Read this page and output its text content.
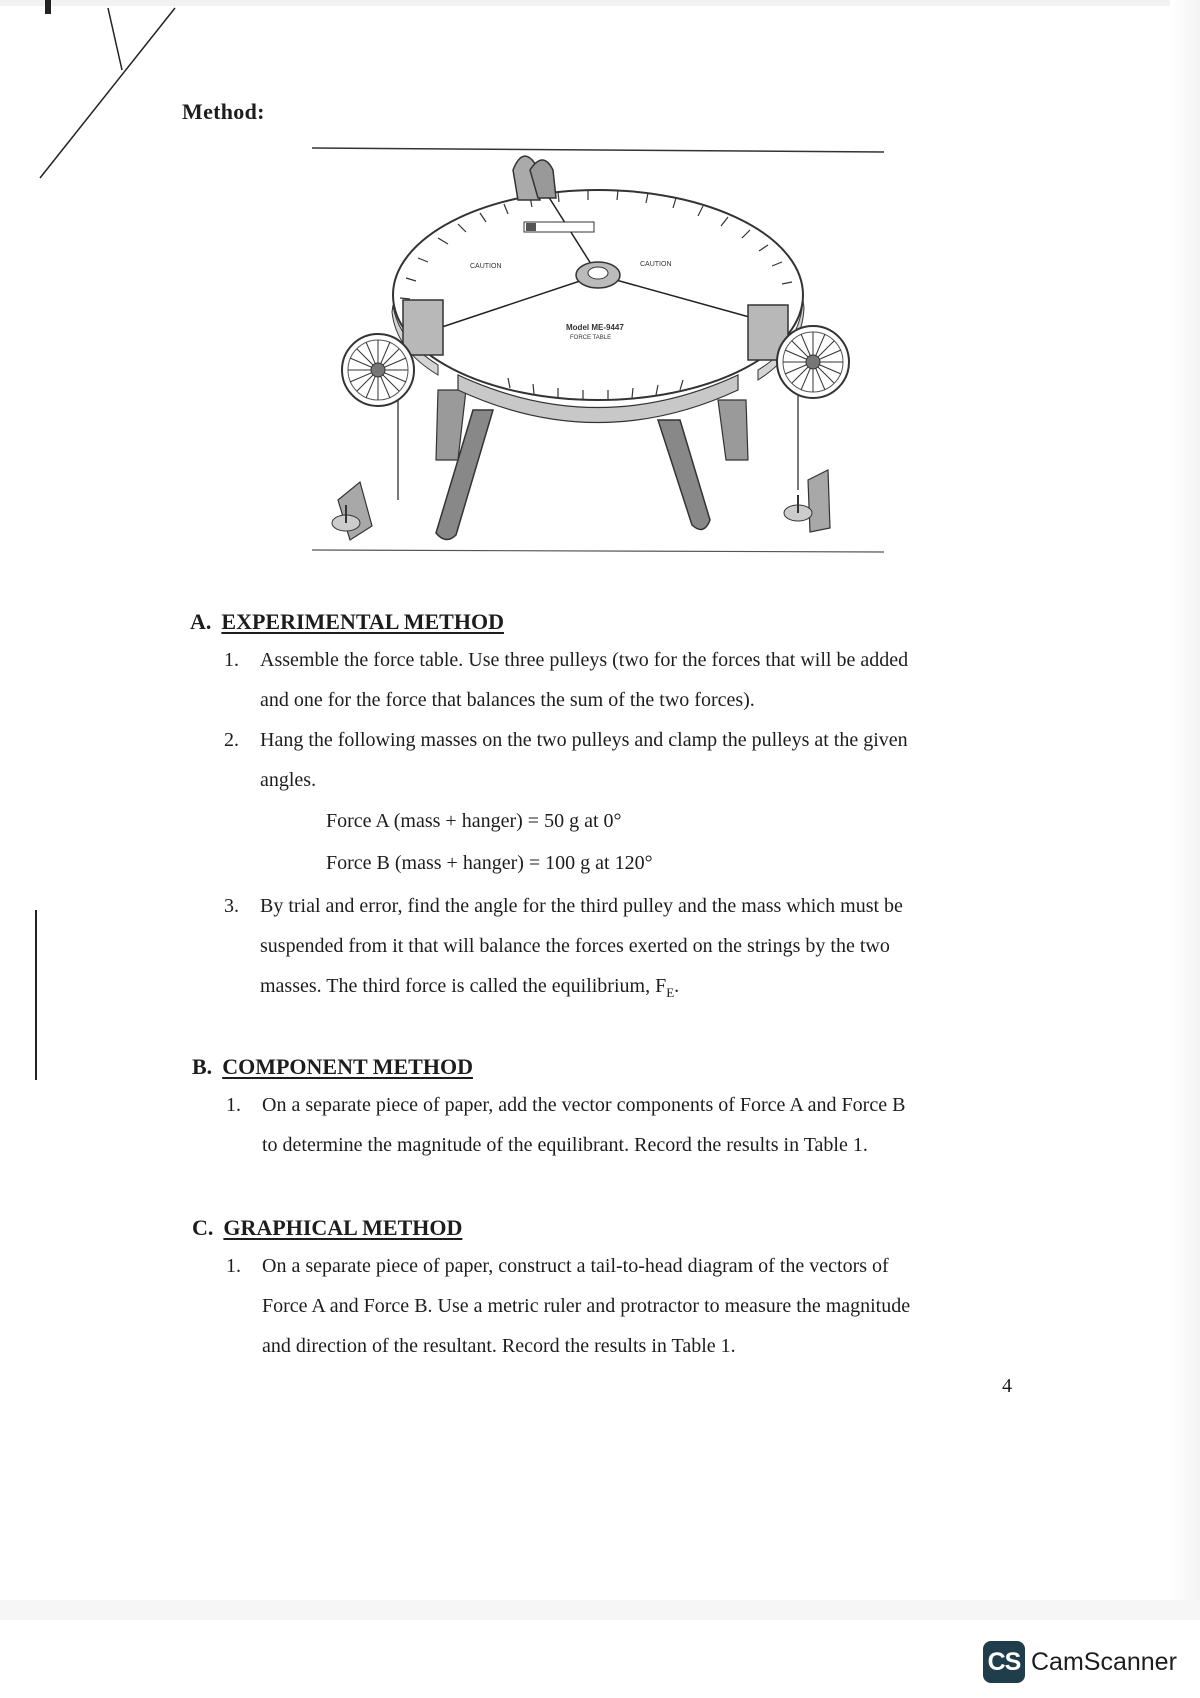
Method:
CAUTION	CAUTION
Model ME-9447
FORCE TABLE
A. EXPERIMENTAL METHOD
1. Assemble the force table. Use three pulleys (two for the forces that will be added
and one for the force that balances the sum of the two forces).
2. Hang the following masses on the two pulleys and clamp the pulleys at the given
angles.
Force A (mass + hanger) = 50 g at 0°
Force B (mass + hanger) = 100 g at 120°
3. By trial and error, find the angle for the third pulley and the mass which must be
suspended from it that will balance the forces exerted on the strings by the two
masses. The third force is called the equilibrium, $F_E$.
B. COMPONENT METHOD
1. On a separate piece of paper, add the vector components of Force A and Force B
to determine the magnitude of the equilibrant. Record the results in Table 1.
C. GRAPHICAL METHOD
1. On a separate piece of paper, construct a tail-to-head diagram of the vectors of
Force A and Force B. Use a metric ruler and protractor to measure the magnitude
and direction of the resultant. Record the results in Table 1.
4
CS CamScanner
